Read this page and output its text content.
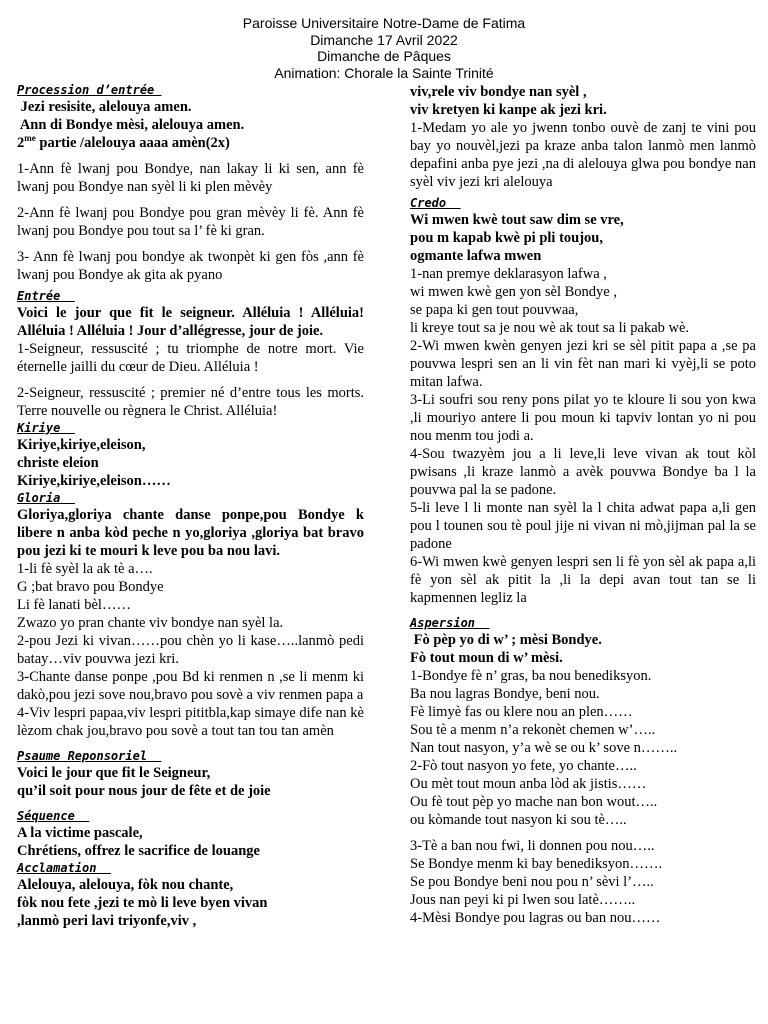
Paroisse Universitaire Notre-Dame de Fatima
Dimanche 17 Avril 2022
Dimanche de Pâques
Animation: Chorale la Sainte Trinité
Procession d’entrée
Jezi resisite, alelouya amen.
Ann di Bondye mèsi, alelouya amen.
$2^{me}$ partie /alelouya aaaa amèn(2x)
1-Ann fè lwanj pou Bondye, nan lakay li ki sen, ann fè lwanj pou Bondye nan syèl li ki plen mèvèy
2-Ann fè lwanj pou Bondye pou gran mèvèy li fè. Ann fè lwanj pou Bondye pou tout sa l’ fè ki gran.
3- Ann fè lwanj pou bondye ak twonpèt ki gen fòs ,ann fè lwanj pou Bondye ak gita ak pyano
Entrée
Voici le jour que fit le seigneur. Alléluia ! Alléluia! Alléluia ! Alléluia ! Jour d’allégresse, jour de joie.
1-Seigneur, ressuscité ; tu triomphe de notre mort. Vie éternelle jailli du cœur de Dieu. Alléluia !
2-Seigneur, ressuscité ; premier né d’entre tous les morts. Terre nouvelle ou règnera le Christ. Alléluia!
Kiriye
Kiriye,kiriye,eleison,
christe eleion
Kiriye,kiriye,eleison……
Gloria
Gloriya,gloriya chante danse ponpe,pou Bondye k libere n anba kòd peche n yo,gloriya ,gloriya bat bravo pou jezi ki te mouri k leve pou ba nou lavi.
1-li fè syèl la ak tè a….
G ;bat bravo pou Bondye
Li fè lanati bèl……
Zwazo yo pran chante viv bondye nan syèl la.
2-pou Jezi ki vivan……pou chèn yo li kase…..lanmò pedi batay…viv pouvwa jezi kri.
3-Chante danse ponpe ,pou Bd ki renmen n ,se li menm ki dakò,pou jezi sove nou,bravo pou sovè a viv renmen papa a
4-Viv lespri papaa,viv lespri pititbla,kap simaye dife nan kè lèzom chak jou,bravo pou sovè a tout tan tou tan amèn
Psaume Reponsoriel
Voici le jour que fit le Seigneur,
qu’il soit pour nous jour de fête et de joie
Séquence
A la victime pascale,
Chrétiens, offrez le sacrifice de louange
Acclamation
Alelouya, alelouya, fòk nou chante,
fòk nou fete ,jezi te mò li leve byen vivan
,lanmò peri lavi triyonfe,viv ,
viv,rele viv bondye nan syèl ,
viv kretyen ki kanpe ak jezi kri.
1-Medam yo ale yo jwenn tonbo ouvè de zanj te vini pou bay yo nouvèl,jezi pa kraze anba talon lanmò men lanmò depafini anba pye jezi ,na di alelouya glwa pou bondye nan syèl viv jezi kri alelouya
Credo
Wi mwen kwè tout saw dim se vre,
pou m kapab kwè pi pli toujou,
ogmante lafwa mwen
1-nan premye deklarasyon lafwa ,
wi mwen kwè gen yon sèl Bondye ,
se papa ki gen tout pouvwaa,
li kreye tout sa je nou wè ak tout sa li pakab wè.
2-Wi mwen kwèn genyen jezi kri se sèl pitit papa a ,se pa pouvwa lespri sen an li vin fèt nan mari ki vyèj,li se poto mitan lafwa.
3-Li soufri sou reny pons pilat yo te kloure li sou yon kwa ,li mouriyo antere li pou moun ki tapviv lontan yo ni pou nou menm tou jodi a.
4-Sou twazyèm jou a li leve,li leve vivan ak tout kòl pwisans ,li kraze lanmò a avèk pouvwa Bondye ba l la pouvwa pal la se padone.
5-li leve l li monte nan syèl la l chita adwat papa a,li gen pou l tounen sou tè poul jije ni vivan ni mò,jijman pal la se padone
6-Wi mwen kwè genyen lespri sen li fè yon sèl ak papa a,li fè yon sèl ak pitit la ,li la depi avan tout tan se li kapmennen legliz la
Aspersion
Fò pèp yo di w’ ; mèsi Bondye.
Fò tout moun di w’ mèsi.
1-Bondye fè n’ gras, ba nou benediksyon.
Ba nou lagras Bondye, beni nou.
Fè limyè fas ou klere nou an plen……
Sou tè a menm n’a rekonèt chemen w’…..
Nan tout nasyon, y’a wè se ou k’ sove n……..
2-Fò tout nasyon yo fete, yo chante…..
Ou mèt tout moun anba lòd ak jistis……
Ou fè tout pèp yo mache nan bon wout…..
ou kòmande tout nasyon ki sou tè…..
3-Tè a ban nou fwi, li donnen pou nou…..
Se Bondye menm ki bay benediksyon…….
Se pou Bondye beni nou pou n’ sèvi l’…..
Jous nan peyi ki pi lwen sou latè……..
4-Mèsi Bondye pou lagras ou ban nou……
